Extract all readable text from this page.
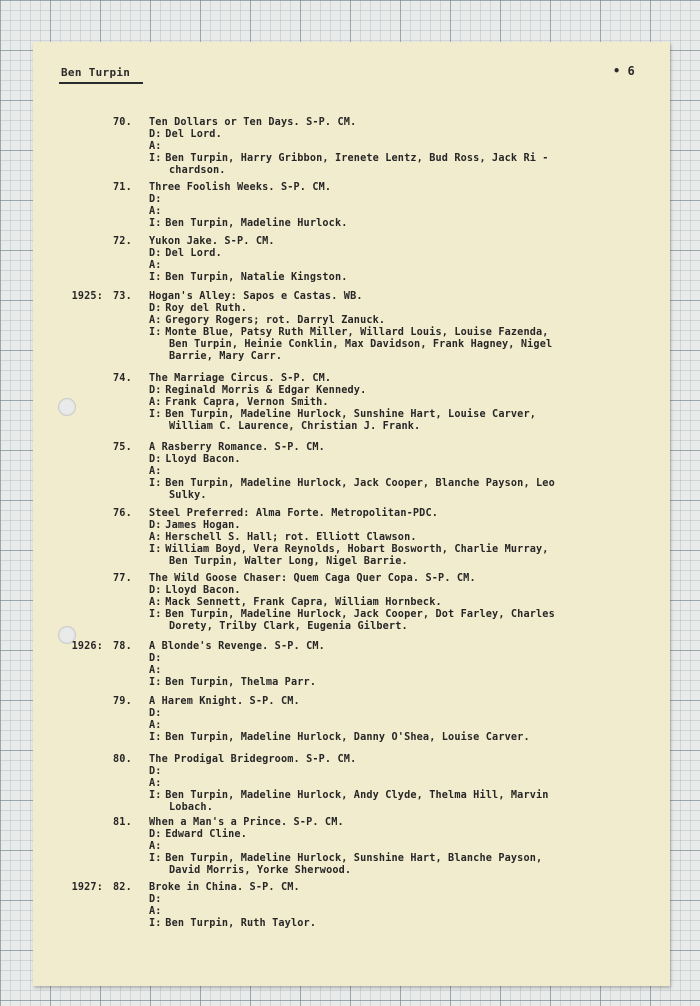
Ben Turpin	• 6
70. Ten Dollars or Ten Days. S-P. CM.
D: Del Lord.
A:
I: Ben Turpin, Harry Gribbon, Irenete Lentz, Bud Ross, Jack Ri -
chardson.
71. Three Foolish Weeks. S-P. CM.
D:
A:
I: Ben Turpin, Madeline Hurlock.
72. Yukon Jake. S-P. CM.
D: Del Lord.
A:
I: Ben Turpin, Natalie Kingston.
1925: 73. Hogan's Alley: Sapos e Castas. WB.
D: Roy del Ruth.
A: Gregory Rogers; rot. Darryl Zanuck.
I: Monte Blue, Patsy Ruth Miller, Willard Louis, Louise Fazenda,
Ben Turpin, Heinie Conklin, Max Davidson, Frank Hagney, Nigel
Barrie, Mary Carr.
74. The Marriage Circus. S-P. CM.
D: Reginald Morris & Edgar Kennedy.
A: Frank Capra, Vernon Smith.
I: Ben Turpin, Madeline Hurlock, Sunshine Hart, Louise Carver,
William C. Laurence, Christian J. Frank.
75. A Rasberry Romance. S-P. CM.
D: Lloyd Bacon.
A:
I: Ben Turpin, Madeline Hurlock, Jack Cooper, Blanche Payson, Leo
Sulky.
76. Steel Preferred: Alma Forte. Metropolitan-PDC.
D: James Hogan.
A: Herschell S. Hall; rot. Elliott Clawson.
I: William Boyd, Vera Reynolds, Hobart Bosworth, Charlie Murray,
Ben Turpin, Walter Long, Nigel Barrie.
77. The Wild Goose Chaser: Quem Caga Quer Copa. S-P. CM.
D: Lloyd Bacon.
A: Mack Sennett, Frank Capra, William Hornbeck.
I: Ben Turpin, Madeline Hurlock, Jack Cooper, Dot Farley, Charles
Dorety, Trilby Clark, Eugenia Gilbert.
1926: 78. A Blonde's Revenge. S-P. CM.
D:
A:
I: Ben Turpin, Thelma Parr.
79. A Harem Knight. S-P. CM.
D:
A:
I: Ben Turpin, Madeline Hurlock, Danny O'Shea, Louise Carver.
80. The Prodigal Bridegroom. S-P. CM.
D:
A:
I: Ben Turpin, Madeline Hurlock, Andy Clyde, Thelma Hill, Marvin
Lobach.
81. When a Man's a Prince. S-P. CM.
D: Edward Cline.
A:
I: Ben Turpin, Madeline Hurlock, Sunshine Hart, Blanche Payson,
David Morris, Yorke Sherwood.
1927: 82. Broke in China. S-P. CM.
D:
A:
I: Ben Turpin, Ruth Taylor.
